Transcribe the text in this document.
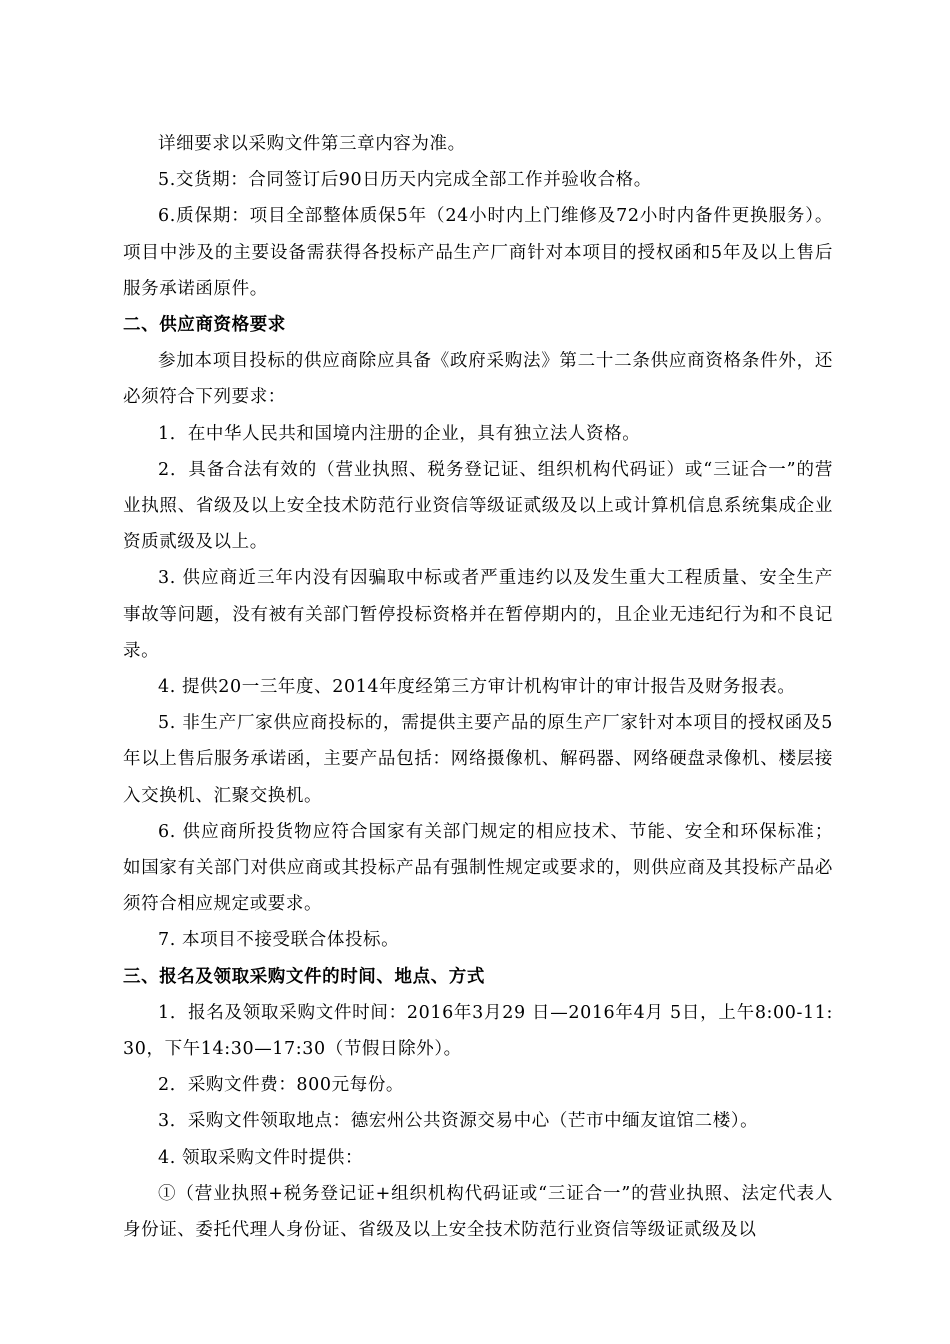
详细要求以采购文件第三章内容为准。

5.交货期：合同签订后90日历天内完成全部工作并验收合格。

6.质保期：项目全部整体质保5年（24小时内上门维修及72小时内备件更换服务）。项目中涉及的主要设备需获得各投标产品生产厂商针对本项目的授权函和5年及以上售后服务承诺函原件。

二、供应商资格要求

参加本项目投标的供应商除应具备《政府采购法》第二十二条供应商资格条件外，还必须符合下列要求：

1．在中华人民共和国境内注册的企业，具有独立法人资格。

2．具备合法有效的（营业执照、税务登记证、组织机构代码证）或“三证合一”的营业执照、省级及以上安全技术防范行业资信等级证贰级及以上或计算机信息系统集成企业资质贰级及以上。

3. 供应商近三年内没有因骗取中标或者严重违约以及发生重大工程质量、安全生产事故等问题，没有被有关部门暂停投标资格并在暂停期内的，且企业无违纪行为和不良记录。

4. 提供20一三年度、2014年度经第三方审计机构审计的审计报告及财务报表。

5. 非生产厂家供应商投标的，需提供主要产品的原生产厂家针对本项目的授权函及5年以上售后服务承诺函，主要产品包括：网络摄像机、解码器、网络硬盘录像机、楼层接入交换机、汇聚交换机。

6. 供应商所投货物应符合国家有关部门规定的相应技术、节能、安全和环保标准；如国家有关部门对供应商或其投标产品有强制性规定或要求的，则供应商及其投标产品必须符合相应规定或要求。

7. 本项目不接受联合体投标。

三、报名及领取采购文件的时间、地点、方式

1．报名及领取采购文件时间：2016年3月29 日—2016年4月 5日，上午8:00-11:30，下午14:30—17:30（节假日除外）。

2．采购文件费：800元每份。

3．采购文件领取地点：德宏州公共资源交易中心（芒市中缅友谊馆二楼）。

4. 领取采购文件时提供：

①（营业执照+税务登记证+组织机构代码证或“三证合一”的营业执照、法定代表人身份证、委托代理人身份证、省级及以上安全技术防范行业资信等级证贰级及以
